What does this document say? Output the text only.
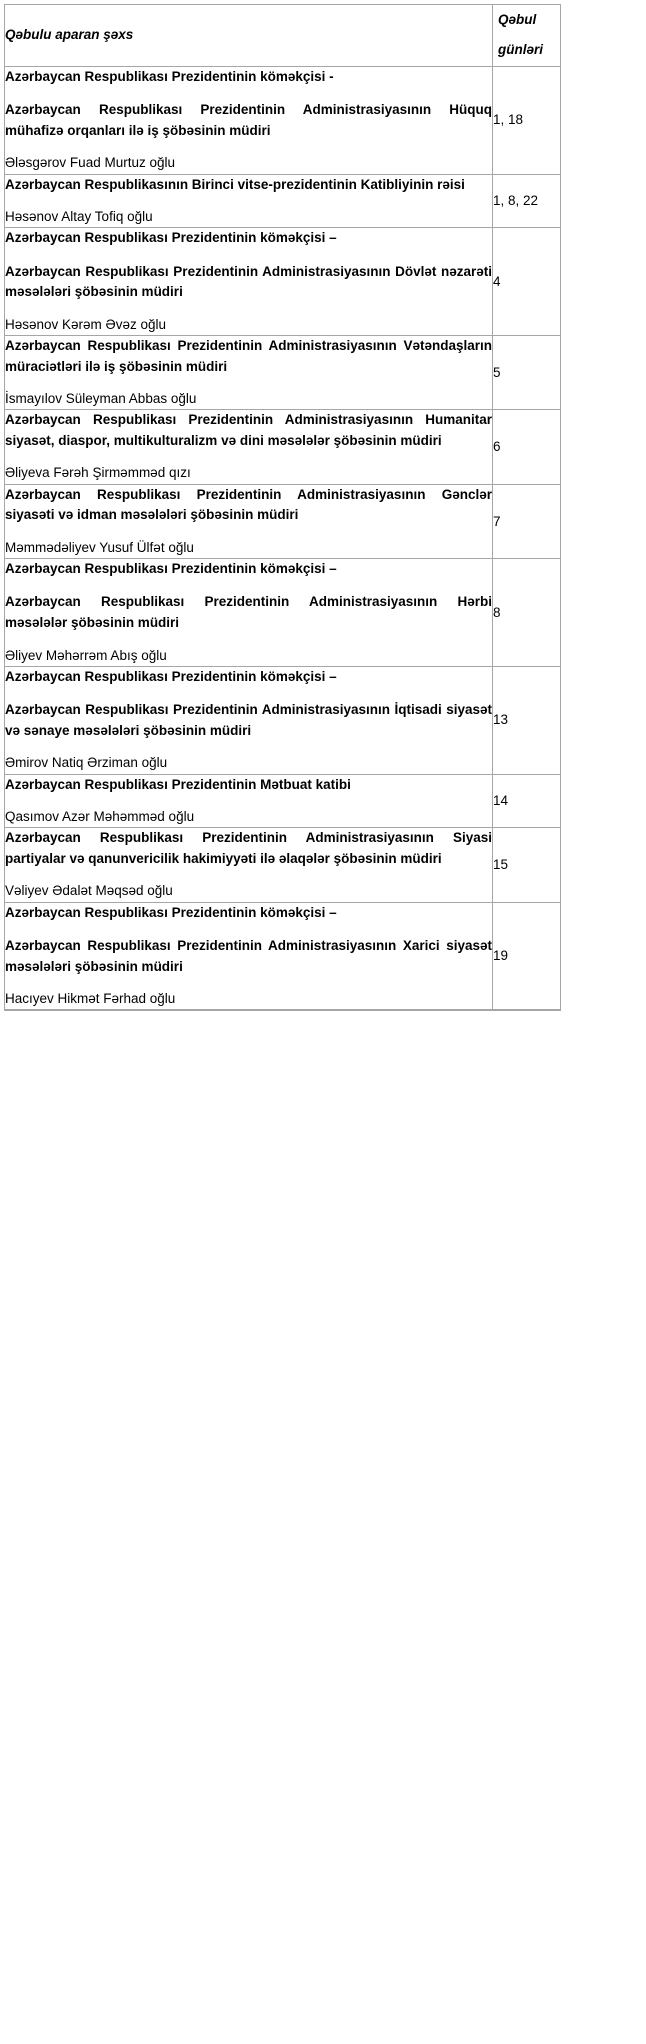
Qəbulu aparan şəxs	Qəbul
günləri

Azərbaycan Respublikası Prezidentinin köməkçisi -

Azərbaycan Respublikası Prezidentinin Administrasiyasının Hüquq mühafizə orqanları ilə iş şöbəsinin müdiri

Ələsgərov Fuad Murtuz oğlu	1, 18

Azərbaycan Respublikasının Birinci vitse-prezidentinin Katibliyinin rəisi

Həsənov Altay Tofiq oğlu	1, 8, 22

Azərbaycan Respublikası Prezidentinin köməkçisi –

Azərbaycan Respublikası Prezidentinin Administrasiyasının Dövlət nəzarəti məsələləri şöbəsinin müdiri

Həsənov Kərəm Əvəz oğlu	4

Azərbaycan Respublikası Prezidentinin Administrasiyasının Vətəndaşların müraciətləri ilə iş şöbəsinin müdiri

İsmayılov Süleyman Abbas oğlu	5

Azərbaycan Respublikası Prezidentinin Administrasiyasının Humanitar siyasət, diaspor, multikulturalizm və dini məsələlər şöbəsinin müdiri

Əliyeva Fərəh Şirməmməd qızı	6

Azərbaycan Respublikası Prezidentinin Administrasiyasının Gənclər siyasəti və idman məsələləri şöbəsinin müdiri

Məmmədəliyev Yusuf Ülfət oğlu	7

Azərbaycan Respublikası Prezidentinin köməkçisi –

Azərbaycan Respublikası Prezidentinin Administrasiyasının Hərbi məsələlər şöbəsinin müdiri

Əliyev Məhərrəm Abış oğlu	8

Azərbaycan Respublikası Prezidentinin köməkçisi –

Azərbaycan Respublikası Prezidentinin Administrasiyasının İqtisadi siyasət və sənaye məsələləri şöbəsinin müdiri

Əmirov Natiq Ərziman oğlu	13

Azərbaycan Respublikası Prezidentinin Mətbuat katibi

Qasımov Azər Məhəmməd oğlu	14

Azərbaycan Respublikası Prezidentinin Administrasiyasının Siyasi partiyalar və qanunvericilik hakimiyyəti ilə əlaqələr şöbəsinin müdiri

Vəliyev Ədalət Məqsəd oğlu	15

Azərbaycan Respublikası Prezidentinin köməkçisi –

Azərbaycan Respublikası Prezidentinin Administrasiyasının Xarici siyasət məsələləri şöbəsinin müdiri

Hacıyev Hikmət Fərhad oğlu	19
